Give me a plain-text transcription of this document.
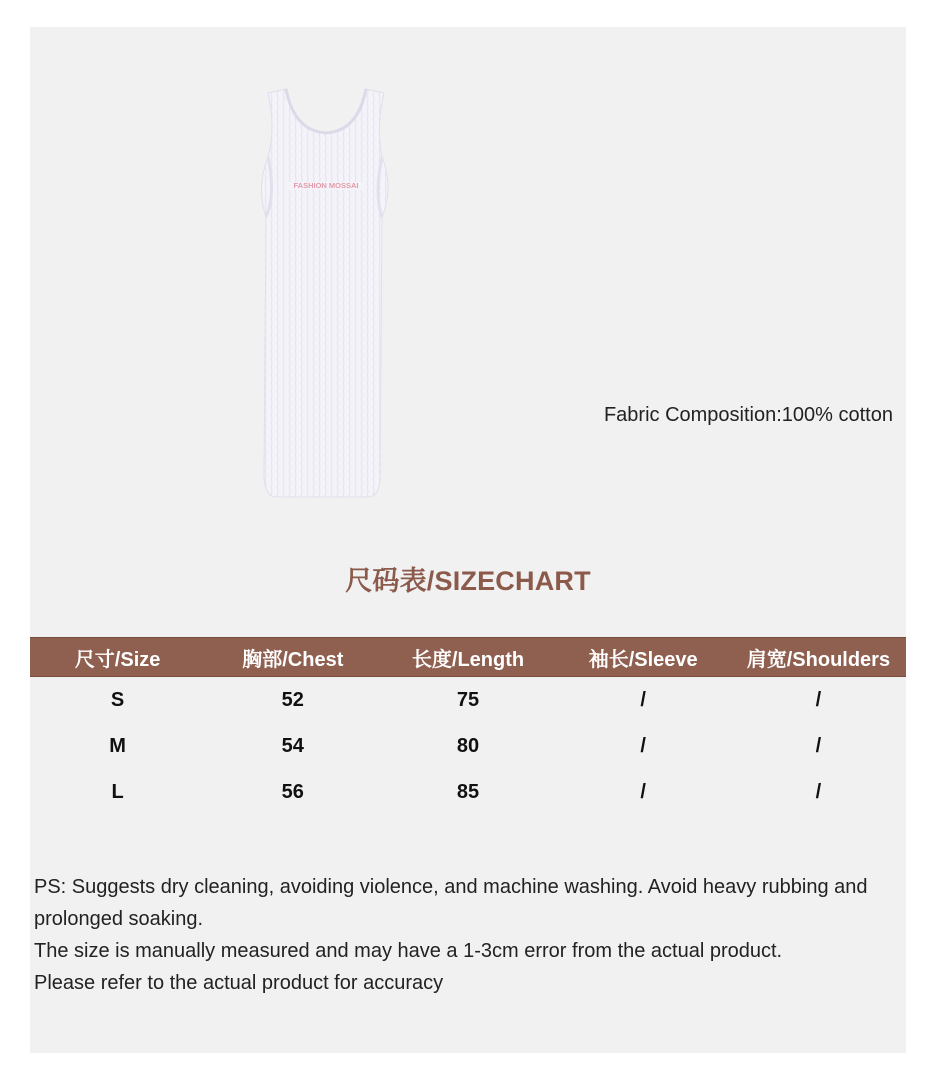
FASHION MOSSAI
Fabric Composition:100% cotton
尺码表/SIZECHART
尺寸/Size	胸部/Chest	长度/Length	袖长/Sleeve	肩宽/Shoulders
S	52	75	/	/
M	54	80	/	/
L	56	85	/	/

PS: Suggests dry cleaning, avoiding violence, and machine washing. Avoid heavy rubbing and prolonged soaking.

The size is manually measured and may have a 1-3cm error from the actual product.

Please refer to the actual product for accuracy
